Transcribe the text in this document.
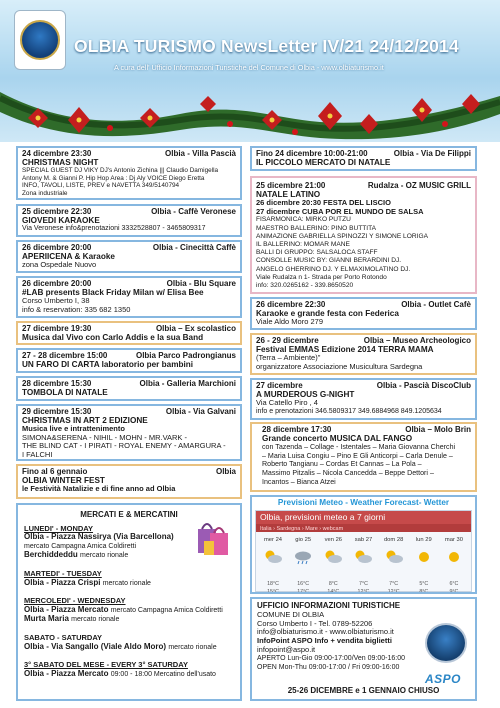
OLBIA TURISMO NewsLetter IV/21 24/12/2014
A cura dell' Ufficio Informazioni Turistiche del Comune di Olbia - www.olbiaturismo.it
24 dicembre 23:30	Olbia - Villa Pascià
CHRISTMAS NIGHT
SPECIAL GUEST DJ VIKY DJ's Antonio Zichina ||| Claudio Damigella
Antony M. & Gianni P. Hip Hop Area : Dj Aly VOICE Diego Eretta
INFO, TAVOLI, LISTE, PREV e NAVETTA 349/5140794
Zona industriale
25 dicembre 22:30	Olbia - Caffè Veronese
GIOVEDI KARAOKE
Via Veronese info&prenotazioni 3332528807 - 3465809317
26 dicembre 20:00	Olbia - Cinecittà Caffè
APERIICENA & Karaoke
zona Ospedale Nuovo
26 dicembre 20:00	Olbia - Blu Square
#LAB presents Black Friday Milan w/ Elisa Bee
Corso Umberto I, 38
info & reservation: 335 682 1350
27 dicembre 19:30	Olbia – Ex scolastico
Musica dal Vivo con Carlo Addis e la sua Band
27 - 28 dicembre 15:00	Olbia Parco Padrongianus
UN FARO DI CARTA laboratorio per bambini
28 dicembre 15:30	Olbia - Galleria Marchioni
TOMBOLA DI NATALE
29 dicembre 15:30	Olbia - Via Galvani
CHRISTMAS IN ART 2 EDIZIONE
Musica live e intrattenimento
SIMONA&SERENA - NIHIL - MOHN - MR.VARK -
THE BLIND CAT - I PIRATI - ROYAL ENEMY - AMARGURA -
I FALCHI
Fino al 6 gennaio	Olbia
OLBIA WINTER FEST
le Festività Natalizie e di fine anno ad Olbia
MERCATI E & MERCATINI
LUNEDI' - MONDAY
Olbia - Piazza Nassirya (Via Barcellona)
mercato Campagna Amica Coldiretti
Berchiddeddu mercato rionale
MARTEDI' - TUESDAY
Olbia - Piazza Crispi mercato rionale
MERCOLEDI' - WEDNESDAY
Olbia - Piazza Mercato mercato Campagna Amica Coldiretti
Murta Maria mercato rionale
SABATO - SATURDAY
Olbia - Via Sangallo (Viale Aldo Moro) mercato rionale
3° SABATO DEL MESE - EVERY 3° SATURDAY
Olbia - Piazza Mercato 09:00 - 18:00 Mercatino dell'usato
Fino 24 dicembre 10:00-21:00	Olbia - Via De Filippi
IL PICCOLO MERCATO DI NATALE
25 dicembre 21:00	Rudalza - OZ MUSIC GRILL
NATALE LATINO
26 dicembre 20:30 FESTA DEL LISCIO
27 dicembre CUBA POR EL MUNDO DE SALSA
FISARMONICA: MIRKO PUTZU
MAESTRO BALLERINO: PINO BUTTITA
ANIMAZIONE GABRIELLA SPINOZZI Y SIMONE LORIGA
IL BALLERINO: MOMAR MANE
BALLI DI GRUPPO: SALSALOCA STAFF
CONSOLLE MUSIC BY: GIANNI BERARDINI DJ.
ANGELO GHERRINO DJ. Y ELMAXIMOLATINO DJ.
Viale Rudalza n 1- Strada per Porto Rotondo
info: 320.0265162 - 339.8650520
26 dicembre 22:30	Olbia - Outlet Cafè
Karaoke e grande festa con Federica
Viale Aldo Moro 279
26 - 29 dicembre	Olbia – Museo Archeologico
Festival EMMAS Edizione 2014 TERRA MAMA
(Terra – Ambiente)"
organizzatore Associazione Musicultura Sardegna
27 dicembre	Olbia - Pascià DiscoClub
A MURDEROUS G-NIGHT
Via Catello Piro , 4
info e prenotazioni 346.5809317 349.6884968 849.1205634
28 dicembre 17:30	Olbia – Molo Brin
Grande concerto MUSICA DAL FANGO
con Tazenda – Collage - Istentales – Maria Giovanna Cherchi
– Maria Luisa Congiu – Pino E Gli Anticorpi – Carla Denule –
Roberto Tangianu – Cordas Et Cannas – La Pola –
Massimo Pitzalis – Nicola Cancedda – Beppe Dettori –
Incantos – Bianca Atzei
Previsioni Meteo - Weather Forecast- Wetter
Olbia, previsioni meteo a 7 giorni
Italia › Sardegna › Mare › webcam
mer 24
18°C
15°C
gio 25
16°C
17°C
ven 26
8°C
14°C
sab 27
7°C
12°C
dom 28
7°C
12°C
lun 29
5°C
8°C
mar 30
6°C
9°C
UFFICIO INFORMAZIONI TURISTICHE
COMUNE DI OLBIA
Corso Umberto I - Tel. 0789-52206
info@olbiaturismo.it - www.olbiaturismo.it
InfoPoint ASPO Info + vendita biglietti
infopoint@aspo.it
APERTO Lun-Gio 09:00-17:00/Ven 09:00-16:00
OPEN Mon-Thu 09:00-17:00 / Fri 09:00-16:00
ASPO
25-26 DICEMBRE e 1 GENNAIO CHIUSO
